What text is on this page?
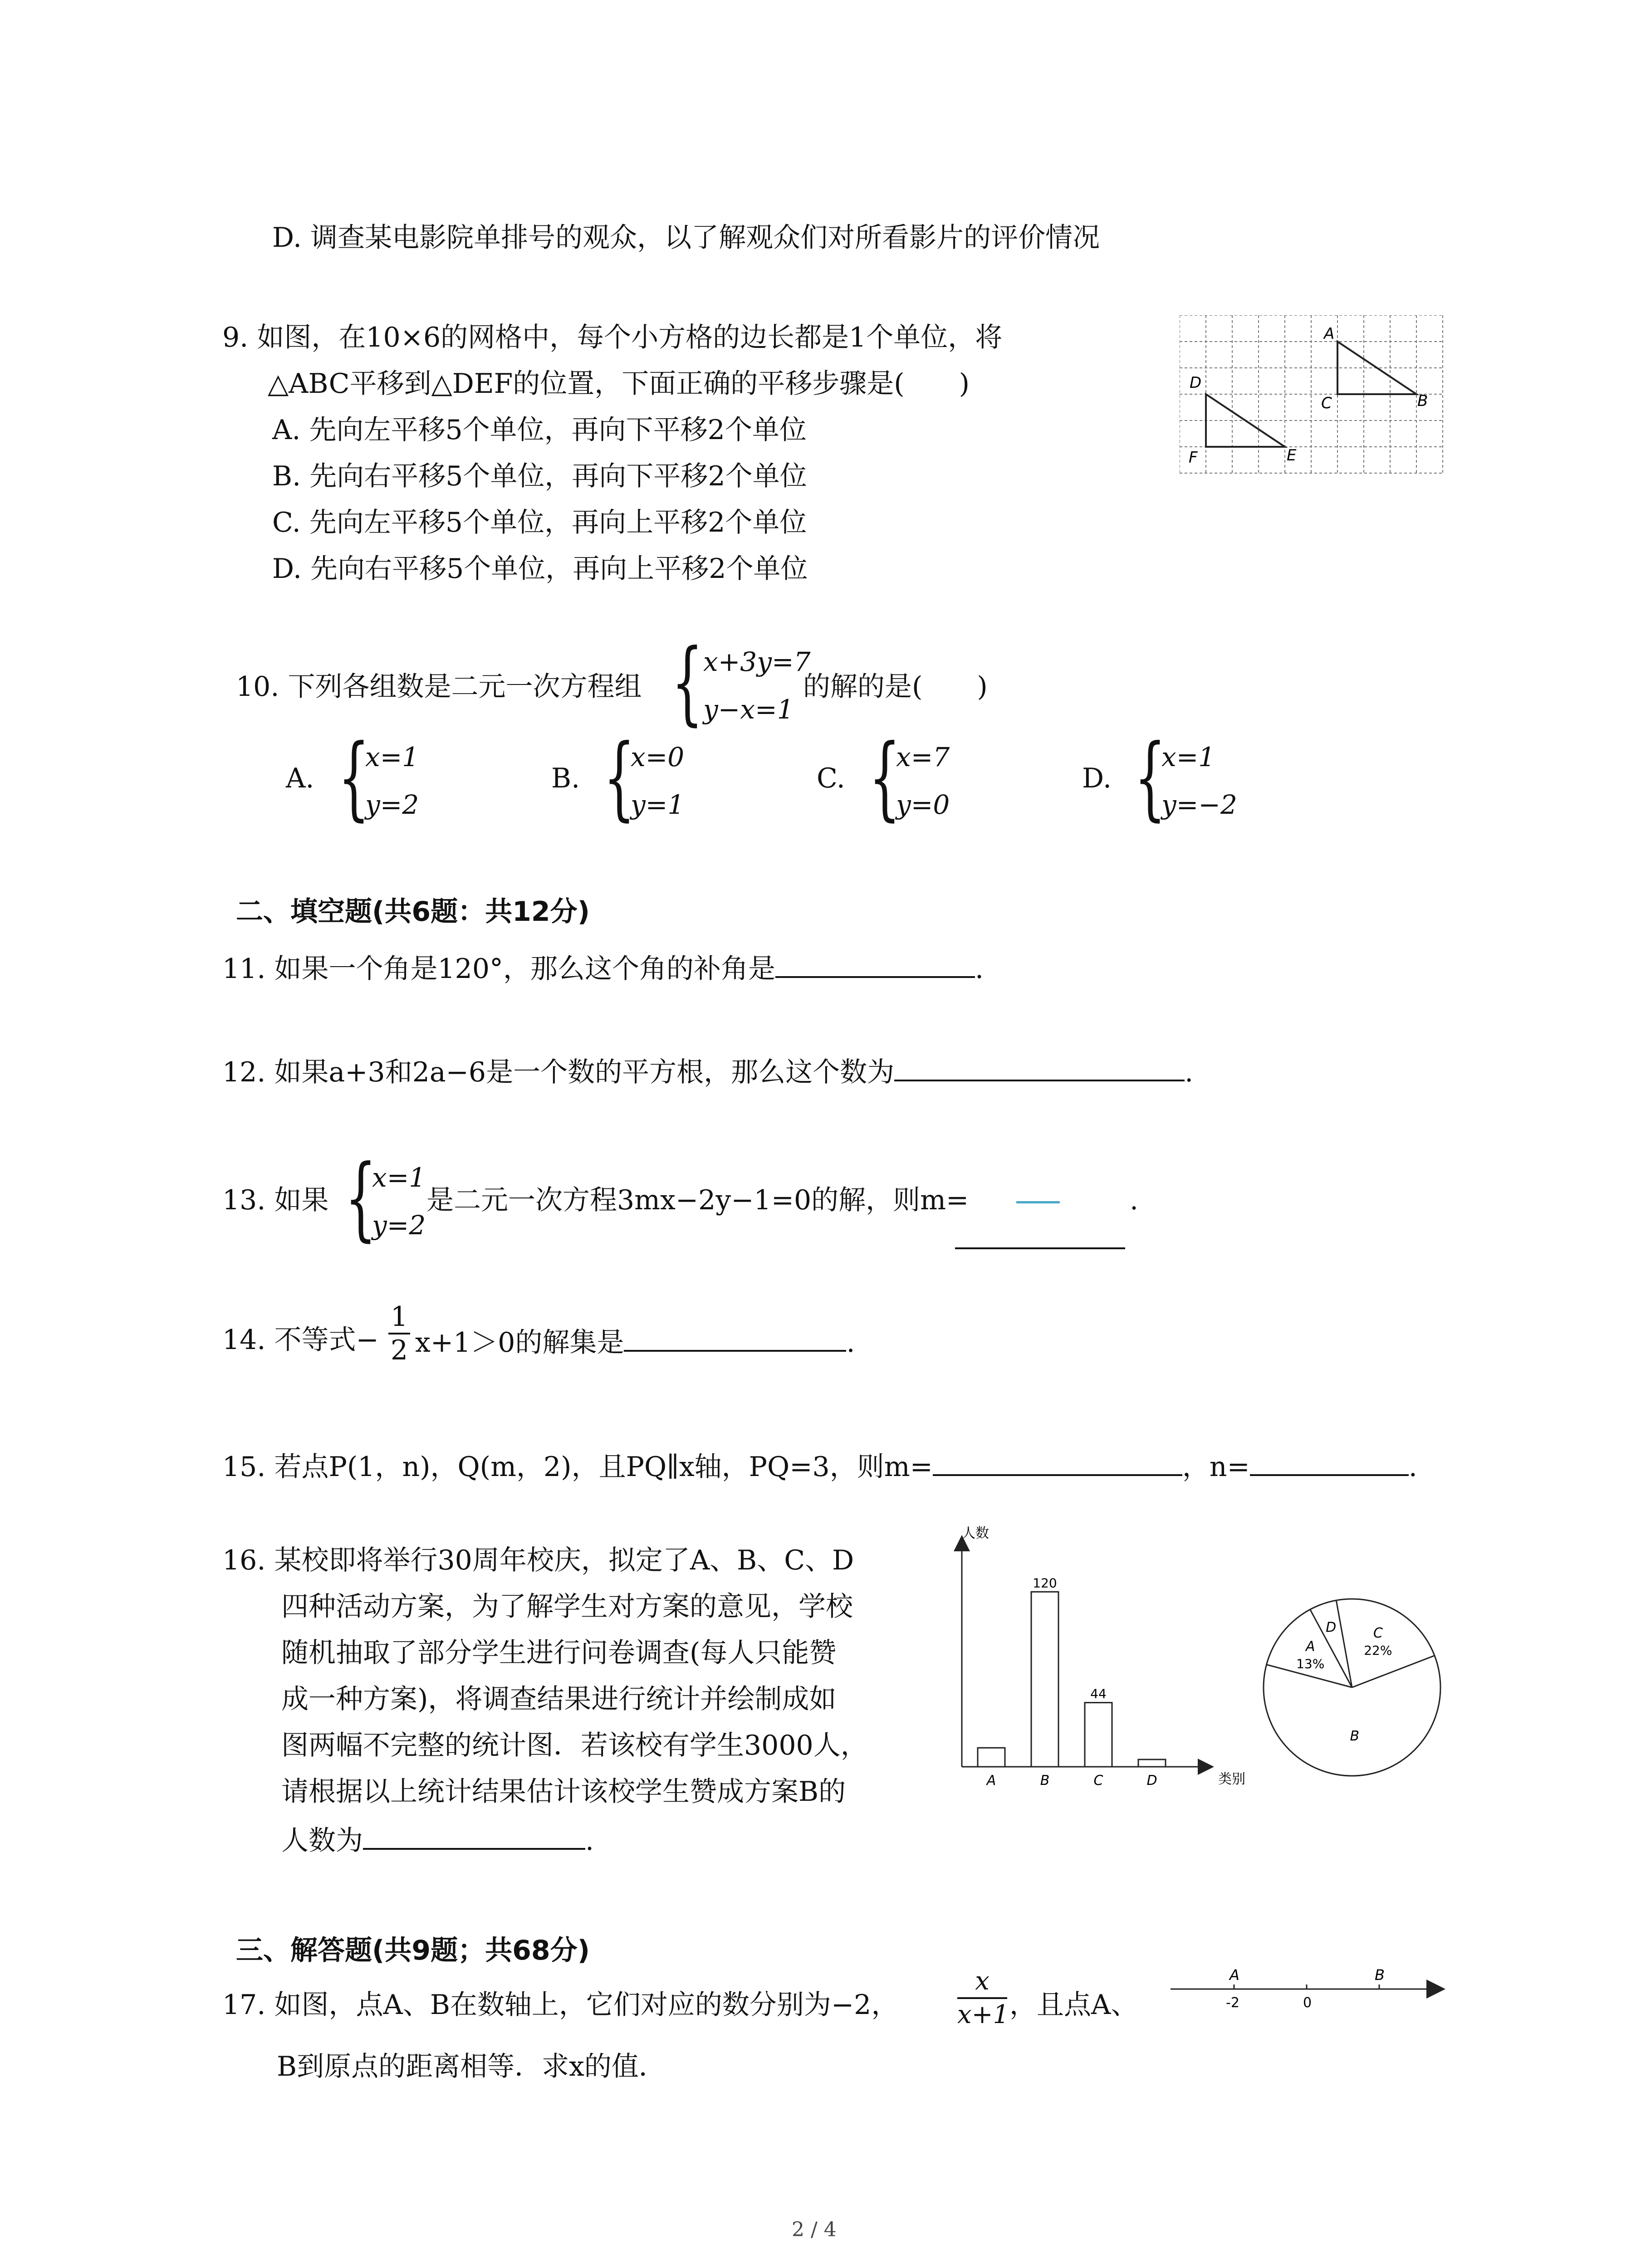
D. 调查某电影院单排号的观众，以了解观众们对所看影片的评价情况
9. 如图，在10×6的网格中，每个小方格的边长都是1个单位，将
△ABC平移到△DEF的位置，下面正确的平移步骤是(　　)
A. 先向左平移5个单位，再向下平移2个单位
B. 先向右平移5个单位，再向下平移2个单位
C. 先向左平移5个单位，再向上平移2个单位
D. 先向右平移5个单位，再向上平移2个单位
A
B
C
D
E
F
10. 下列各组数是二元一次方程组 { x+3y=7
y−x=1
的解的是(　　)
A. {
x=1
y=2
B. {
x=0
y=1
C. {
x=7
y=0
D. {
x=1
y=−2
二、填空题(共6题：共12分)
11. 如果一个角是120°，那么这个角的补角是	.
12. 如果a+3和2a−6是一个数的平方根，那么这个数为	.
13. 如果 {
x=1
y=2
是二元一次方程3mx−2y−1=0的解，则m=	.
14. 不等式−
1
2 x+1＞0的解集是	.
15. 若点P(1，n)，Q(m，2)，且PQ∥x轴，PQ=3，则m=	，n=	.
16. 某校即将举行30周年校庆，拟定了A、B、C、D
四种活动方案，为了解学生对方案的意见，学校
随机抽取了部分学生进行问卷调查(每人只能赞
成一种方案)，将调查结果进行统计并绘制成如
图两幅不完整的统计图．若该校有学生3000人，
请根据以上统计结果估计该校学生赞成方案B的
人数为	.
人数
类别
A	B
120
C
44
D
C
22%
B
A
13%
D
三、解答题(共9题；共68分)
17. 如图，点A、B在数轴上，它们对应的数分别为−2，
x
x+1 ，且点A、
B到原点的距离相等．求x的值．
A	B
-2	0
2 / 4
